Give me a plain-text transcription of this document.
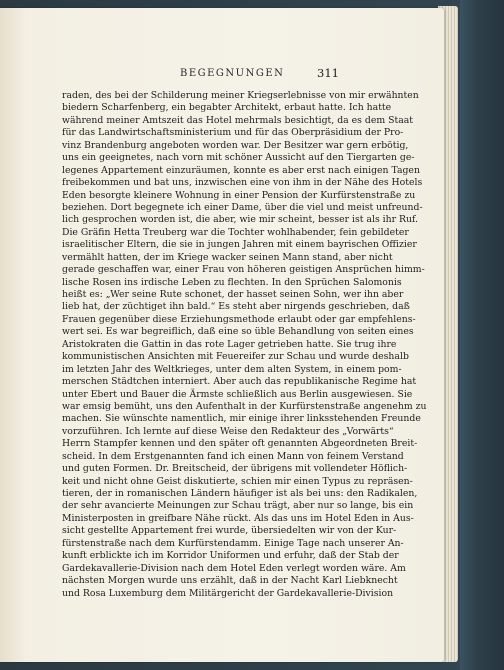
BEGEGNUNGEN	311
raden, des bei der Schilderung meiner Kriegserlebnisse von mir erwähnten
biedern Scharfenberg, ein begabter Architekt, erbaut hatte. Ich hatte
während meiner Amtszeit das Hotel mehrmals besichtigt, da es dem Staat
für das Landwirtschaftsministerium und für das Oberpräsidium der Pro-
vinz Brandenburg angeboten worden war. Der Besitzer war gern erbötig,
uns ein geeignetes, nach vorn mit schöner Aussicht auf den Tiergarten ge-
legenes Appartement einzuräumen, konnte es aber erst nach einigen Tagen
freibekommen und bat uns, inzwischen eine von ihm in der Nähe des Hotels
Eden besorgte kleinere Wohnung in einer Pension der Kurfürstenstraße zu
beziehen. Dort begegnete ich einer Dame, über die viel und meist unfreund-
lich gesprochen worden ist, die aber, wie mir scheint, besser ist als ihr Ruf.
Die Gräfin Hetta Treuberg war die Tochter wohlhabender, fein gebildeter
israelitischer Eltern, die sie in jungen Jahren mit einem bayrischen Offizier
vermählt hatten, der im Kriege wacker seinen Mann stand, aber nicht
gerade geschaffen war, einer Frau von höheren geistigen Ansprüchen himm-
lische Rosen ins irdische Leben zu flechten. In den Sprüchen Salomonis
heißt es: „Wer seine Rute schonet, der hasset seinen Sohn, wer ihn aber
lieb hat, der züchtiget ihn bald.“ Es steht aber nirgends geschrieben, daß
Frauen gegenüber diese Erziehungsmethode erlaubt oder gar empfehlens-
wert sei. Es war begreiflich, daß eine so üble Behandlung von seiten eines
Aristokraten die Gattin in das rote Lager getrieben hatte. Sie trug ihre
kommunistischen Ansichten mit Feuereifer zur Schau und wurde deshalb
im letzten Jahr des Weltkrieges, unter dem alten System, in einem pom-
merschen Städtchen interniert. Aber auch das republikanische Regime hat
unter Ebert und Bauer die Ärmste schließlich aus Berlin ausgewiesen. Sie
war emsig bemüht, uns den Aufenthalt in der Kurfürstenstraße angenehm zu
machen. Sie wünschte namentlich, mir einige ihrer linksstehenden Freunde
vorzuführen. Ich lernte auf diese Weise den Redakteur des „Vorwärts“
Herrn Stampfer kennen und den später oft genannten Abgeordneten Breit-
scheid. In dem Erstgenannten fand ich einen Mann von feinem Verstand
und guten Formen. Dr. Breitscheid, der übrigens mit vollendeter Höflich-
keit und nicht ohne Geist diskutierte, schien mir einen Typus zu repräsen-
tieren, der in romanischen Ländern häufiger ist als bei uns: den Radikalen,
der sehr avancierte Meinungen zur Schau trägt, aber nur so lange, bis ein
Ministerposten in greifbare Nähe rückt. Als das uns im Hotel Eden in Aus-
sicht gestellte Appartement frei wurde, übersiedelten wir von der Kur-
fürstenstraße nach dem Kurfürstendamm. Einige Tage nach unserer An-
kunft erblickte ich im Korridor Uniformen und erfuhr, daß der Stab der
Gardekavallerie-Division nach dem Hotel Eden verlegt worden wäre. Am
nächsten Morgen wurde uns erzählt, daß in der Nacht Karl Liebknecht
und Rosa Luxemburg dem Militärgericht der Gardekavallerie-Division
